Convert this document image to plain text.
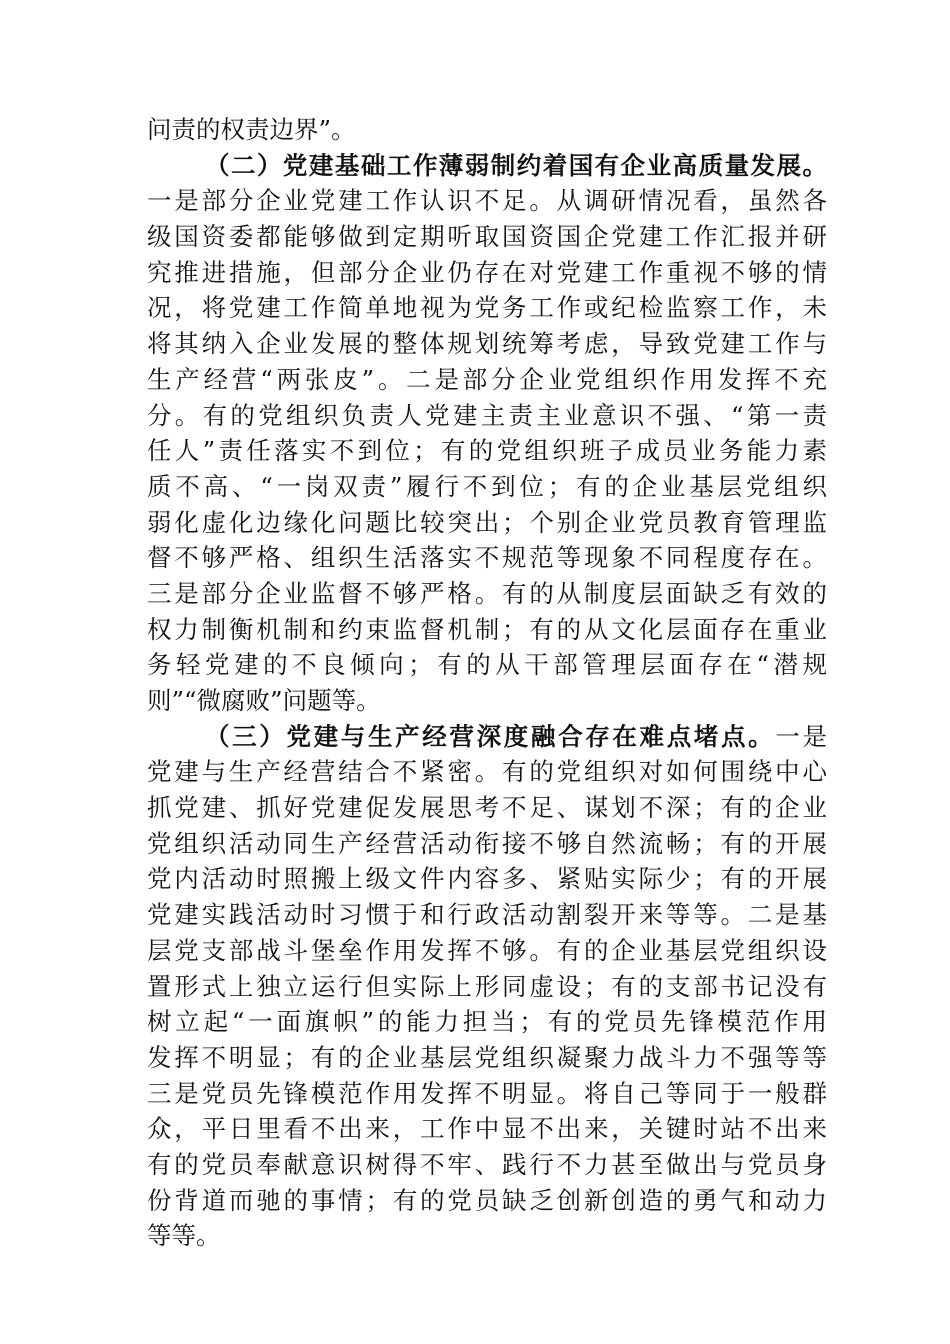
问责的权责边界”。
（二）党建基础工作薄弱制约着国有企业高质量发展。
一是部分企业党建工作认识不足。从调研情况看，虽然各
级国资委都能够做到定期听取国资国企党建工作汇报并研
究推进措施，但部分企业仍存在对党建工作重视不够的情
况，将党建工作简单地视为党务工作或纪检监察工作，未
将其纳入企业发展的整体规划统筹考虑，导致党建工作与
生产经营“两张皮”。二是部分企业党组织作用发挥不充
分。有的党组织负责人党建主责主业意识不强、“第一责
任人”责任落实不到位；有的党组织班子成员业务能力素
质不高、“一岗双责”履行不到位；有的企业基层党组织
弱化虚化边缘化问题比较突出；个别企业党员教育管理监
督不够严格、组织生活落实不规范等现象不同程度存在。
三是部分企业监督不够严格。有的从制度层面缺乏有效的
权力制衡机制和约束监督机制；有的从文化层面存在重业
务轻党建的不良倾向；有的从干部管理层面存在“潜规
则”“微腐败”问题等。
（三）党建与生产经营深度融合存在难点堵点。一是
党建与生产经营结合不紧密。有的党组织对如何围绕中心
抓党建、抓好党建促发展思考不足、谋划不深；有的企业
党组织活动同生产经营活动衔接不够自然流畅；有的开展
党内活动时照搬上级文件内容多、紧贴实际少；有的开展
党建实践活动时习惯于和行政活动割裂开来等等。二是基
层党支部战斗堡垒作用发挥不够。有的企业基层党组织设
置形式上独立运行但实际上形同虚设；有的支部书记没有
树立起“一面旗帜”的能力担当；有的党员先锋模范作用
发挥不明显；有的企业基层党组织凝聚力战斗力不强等等
三是党员先锋模范作用发挥不明显。将自己等同于一般群
众，平日里看不出来，工作中显不出来，关键时站不出来
有的党员奉献意识树得不牢、践行不力甚至做出与党员身
份背道而驰的事情；有的党员缺乏创新创造的勇气和动力
等等。
